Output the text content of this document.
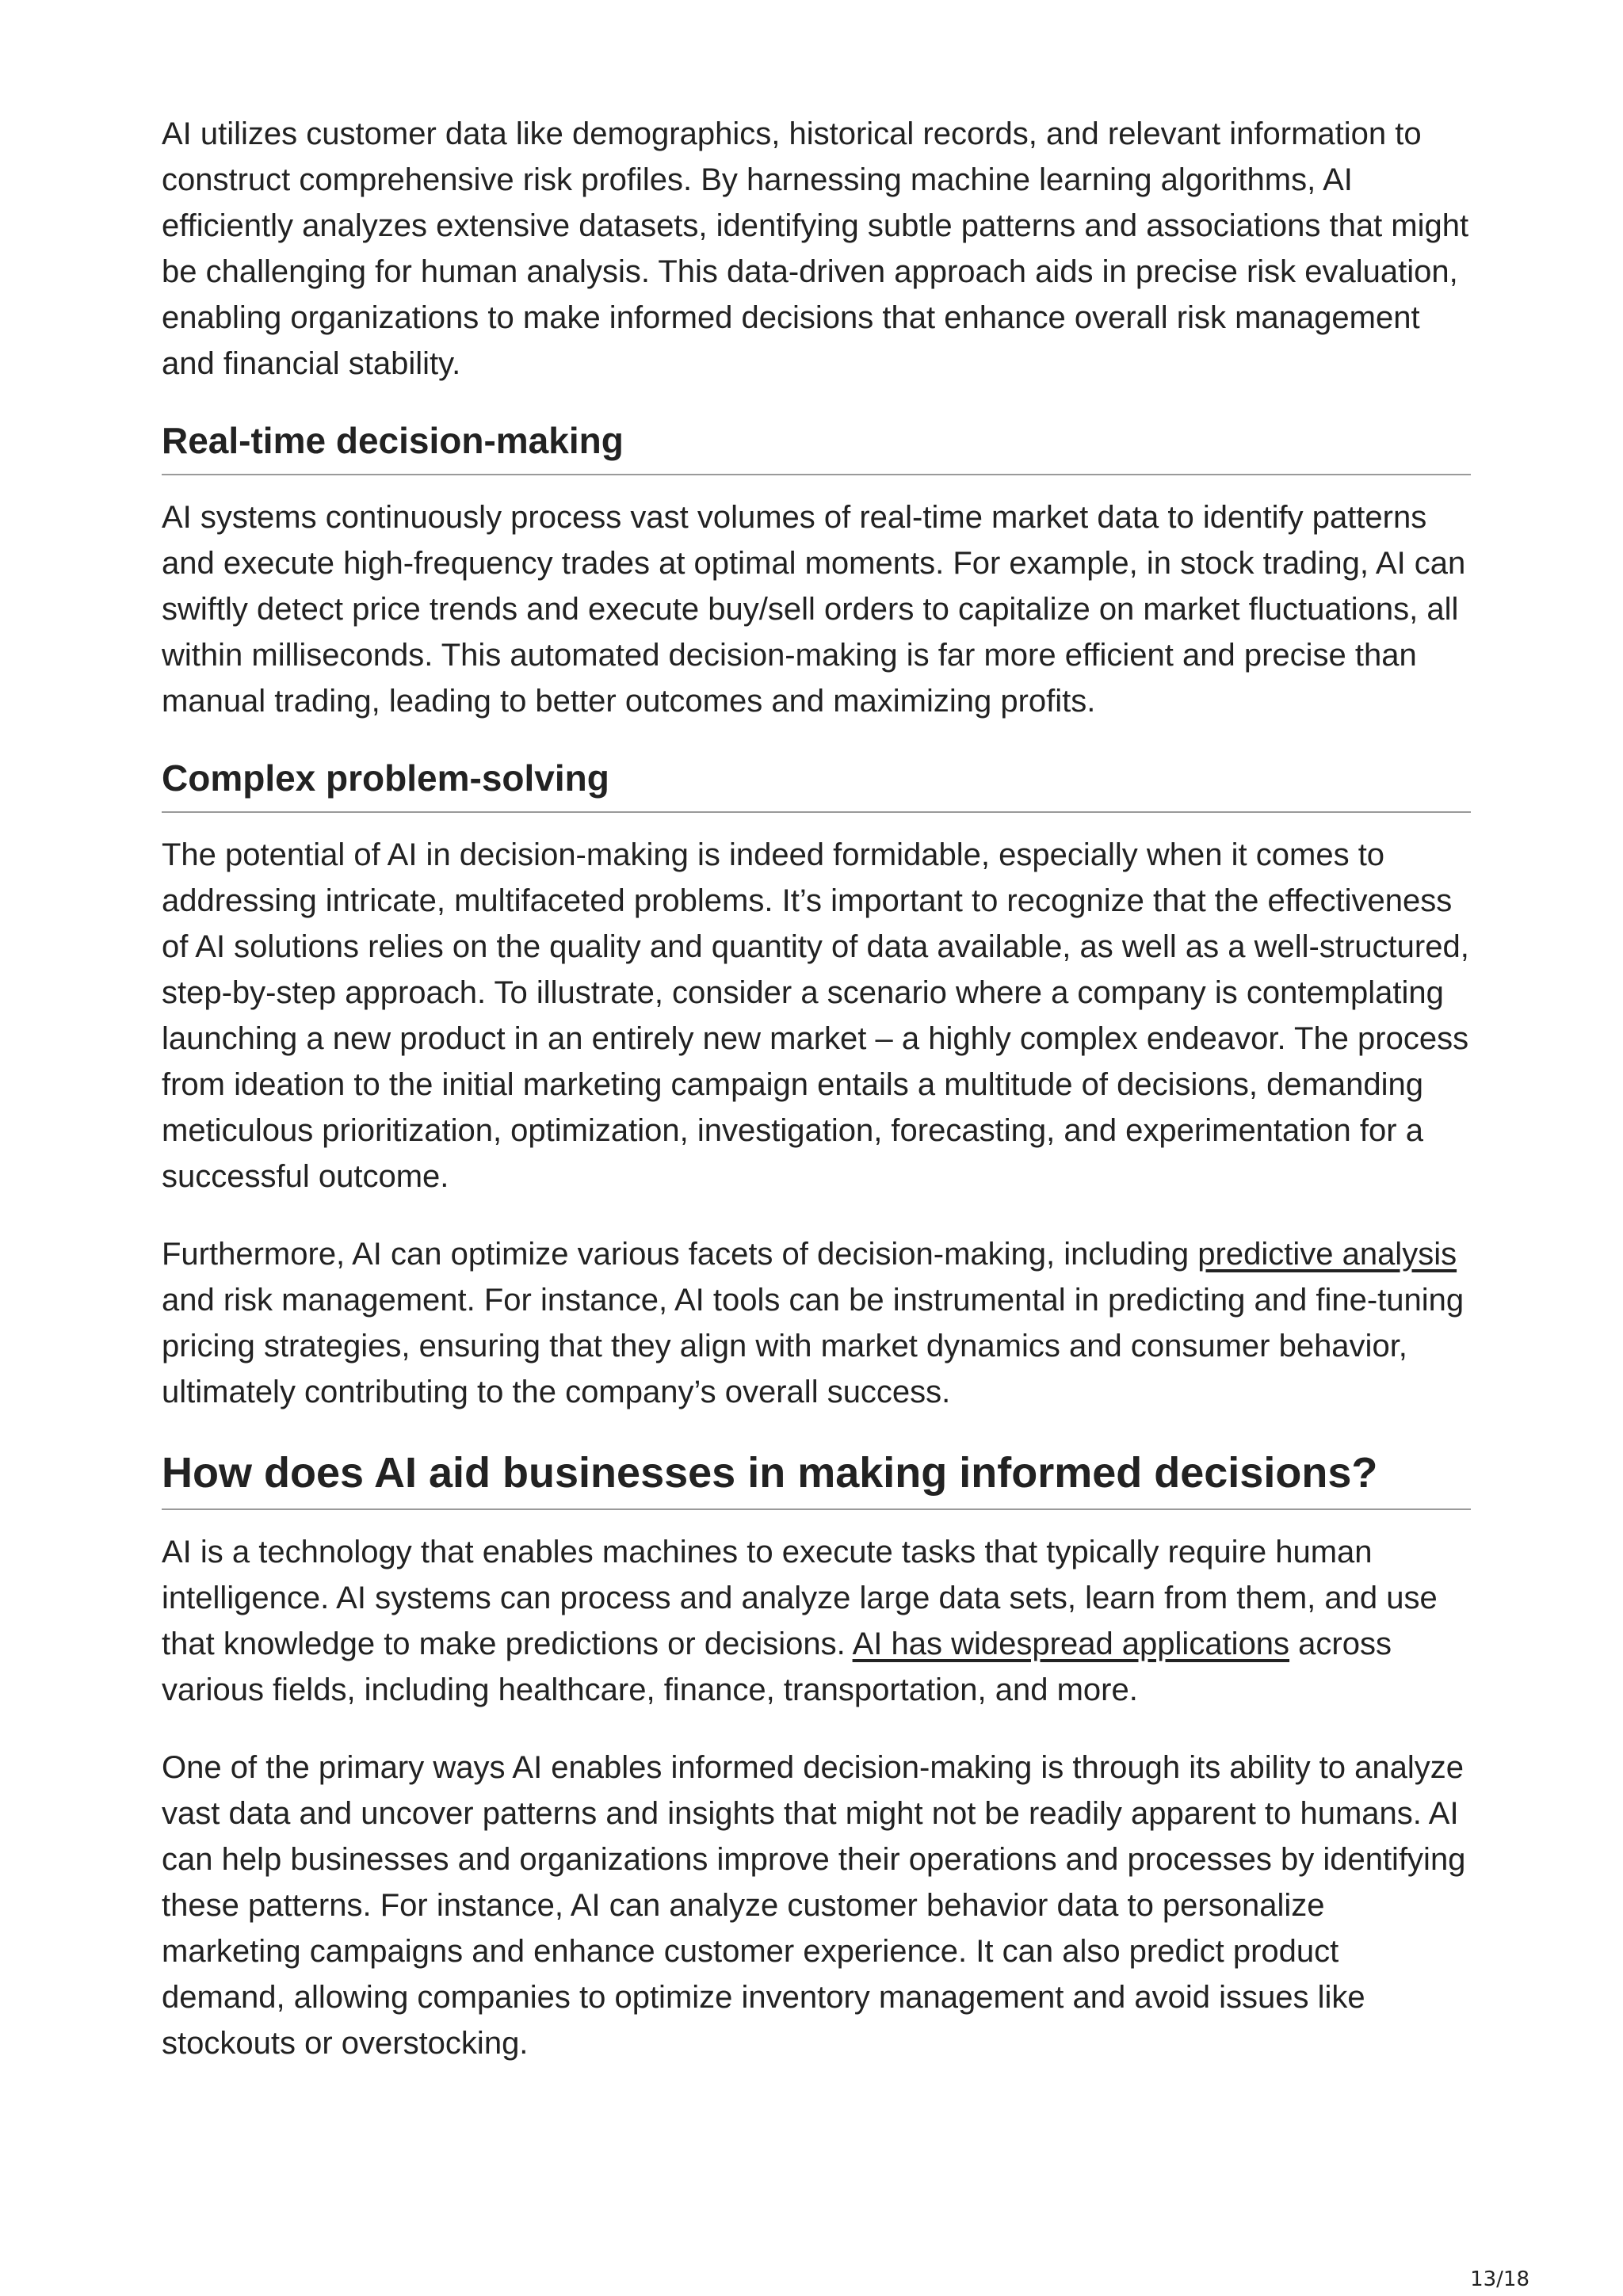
AI utilizes customer data like demographics, historical records, and relevant information to construct comprehensive risk profiles. By harnessing machine learning algorithms, AI efficiently analyzes extensive datasets, identifying subtle patterns and associations that might be challenging for human analysis. This data-driven approach aids in precise risk evaluation, enabling organizations to make informed decisions that enhance overall risk management and financial stability.

Real-time decision-making

AI systems continuously process vast volumes of real-time market data to identify patterns and execute high-frequency trades at optimal moments. For example, in stock trading, AI can swiftly detect price trends and execute buy/sell orders to capitalize on market fluctuations, all within milliseconds. This automated decision-making is far more efficient and precise than manual trading, leading to better outcomes and maximizing profits.

Complex problem-solving

The potential of AI in decision-making is indeed formidable, especially when it comes to addressing intricate, multifaceted problems. It’s important to recognize that the effectiveness of AI solutions relies on the quality and quantity of data available, as well as a well-structured, step-by-step approach. To illustrate, consider a scenario where a company is contemplating launching a new product in an entirely new market – a highly complex endeavor. The process from ideation to the initial marketing campaign entails a multitude of decisions, demanding meticulous prioritization, optimization, investigation, forecasting, and experimentation for a successful outcome.

Furthermore, AI can optimize various facets of decision-making, including predictive analysis and risk management. For instance, AI tools can be instrumental in predicting and fine-tuning pricing strategies, ensuring that they align with market dynamics and consumer behavior, ultimately contributing to the company’s overall success.

How does AI aid businesses in making informed decisions?

AI is a technology that enables machines to execute tasks that typically require human intelligence. AI systems can process and analyze large data sets, learn from them, and use that knowledge to make predictions or decisions. AI has widespread applications across various fields, including healthcare, finance, transportation, and more.

One of the primary ways AI enables informed decision-making is through its ability to analyze vast data and uncover patterns and insights that might not be readily apparent to humans. AI can help businesses and organizations improve their operations and processes by identifying these patterns. For instance, AI can analyze customer behavior data to personalize marketing campaigns and enhance customer experience. It can also predict product demand, allowing companies to optimize inventory management and avoid issues like stockouts or overstocking.

13/18
